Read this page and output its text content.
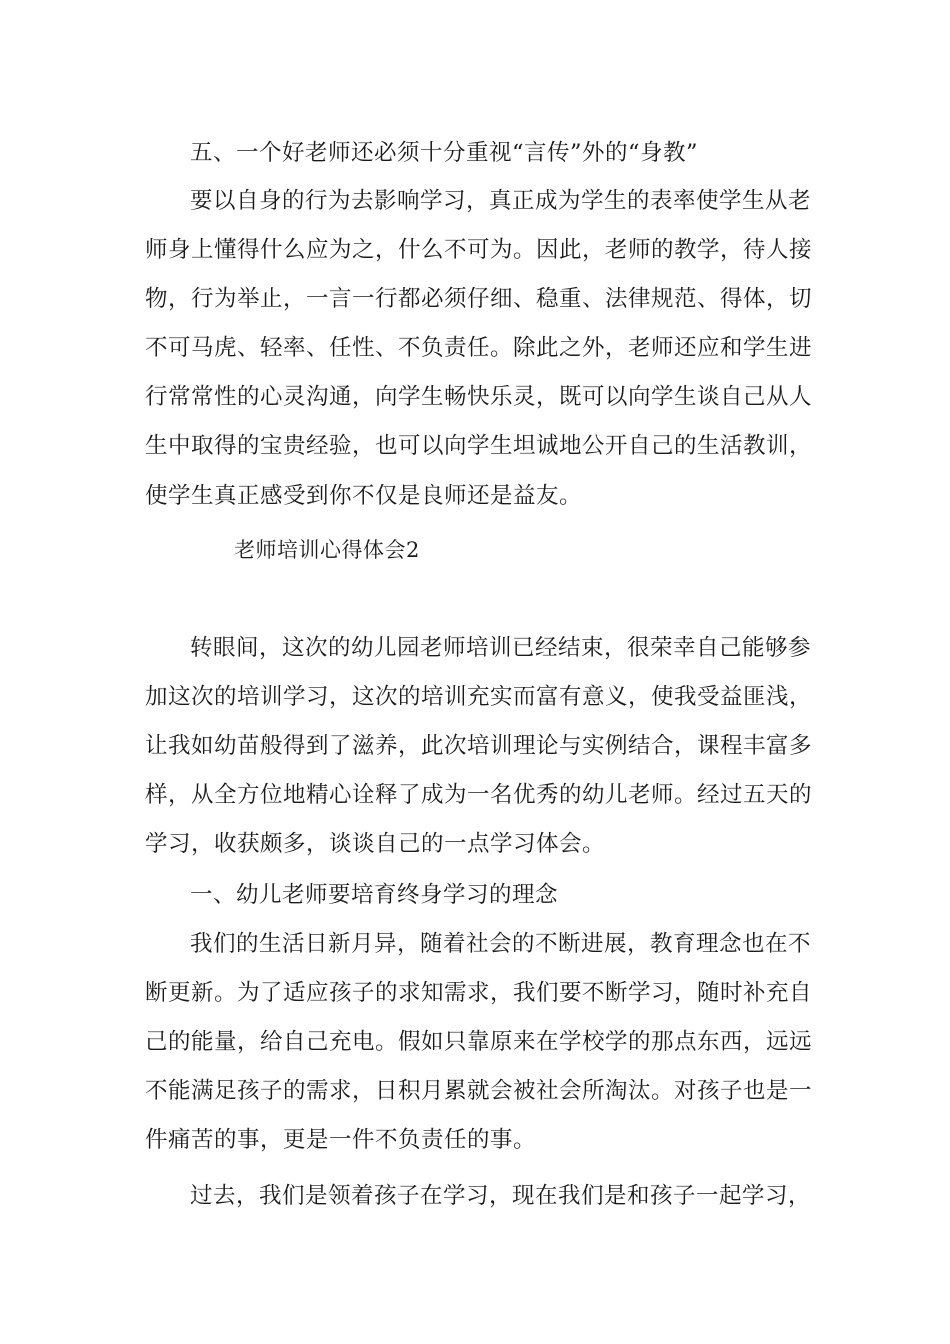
五、一个好老师还必须十分重视“言传”外的“身教”
要以自身的行为去影响学习，真正成为学生的表率使学生从老
师身上懂得什么应为之，什么不可为。因此，老师的教学，待人接
物，行为举止，一言一行都必须仔细、稳重、法律规范、得体，切
不可马虎、轻率、任性、不负责任。除此之外，老师还应和学生进
行常常性的心灵沟通，向学生畅快乐灵，既可以向学生谈自己从人
生中取得的宝贵经验，也可以向学生坦诚地公开自己的生活教训，
使学生真正感受到你不仅是良师还是益友。
老师培训心得体会2
转眼间，这次的幼儿园老师培训已经结束，很荣幸自己能够参
加这次的培训学习，这次的培训充实而富有意义，使我受益匪浅，
让我如幼苗般得到了滋养，此次培训理论与实例结合，课程丰富多
样，从全方位地精心诠释了成为一名优秀的幼儿老师。经过五天的
学习，收获颇多，谈谈自己的一点学习体会。
一、幼儿老师要培育终身学习的理念
我们的生活日新月异，随着社会的不断进展，教育理念也在不
断更新。为了适应孩子的求知需求，我们要不断学习，随时补充自
己的能量，给自己充电。假如只靠原来在学校学的那点东西，远远
不能满足孩子的需求，日积月累就会被社会所淘汰。对孩子也是一
件痛苦的事，更是一件不负责任的事。
过去，我们是领着孩子在学习，现在我们是和孩子一起学习，
